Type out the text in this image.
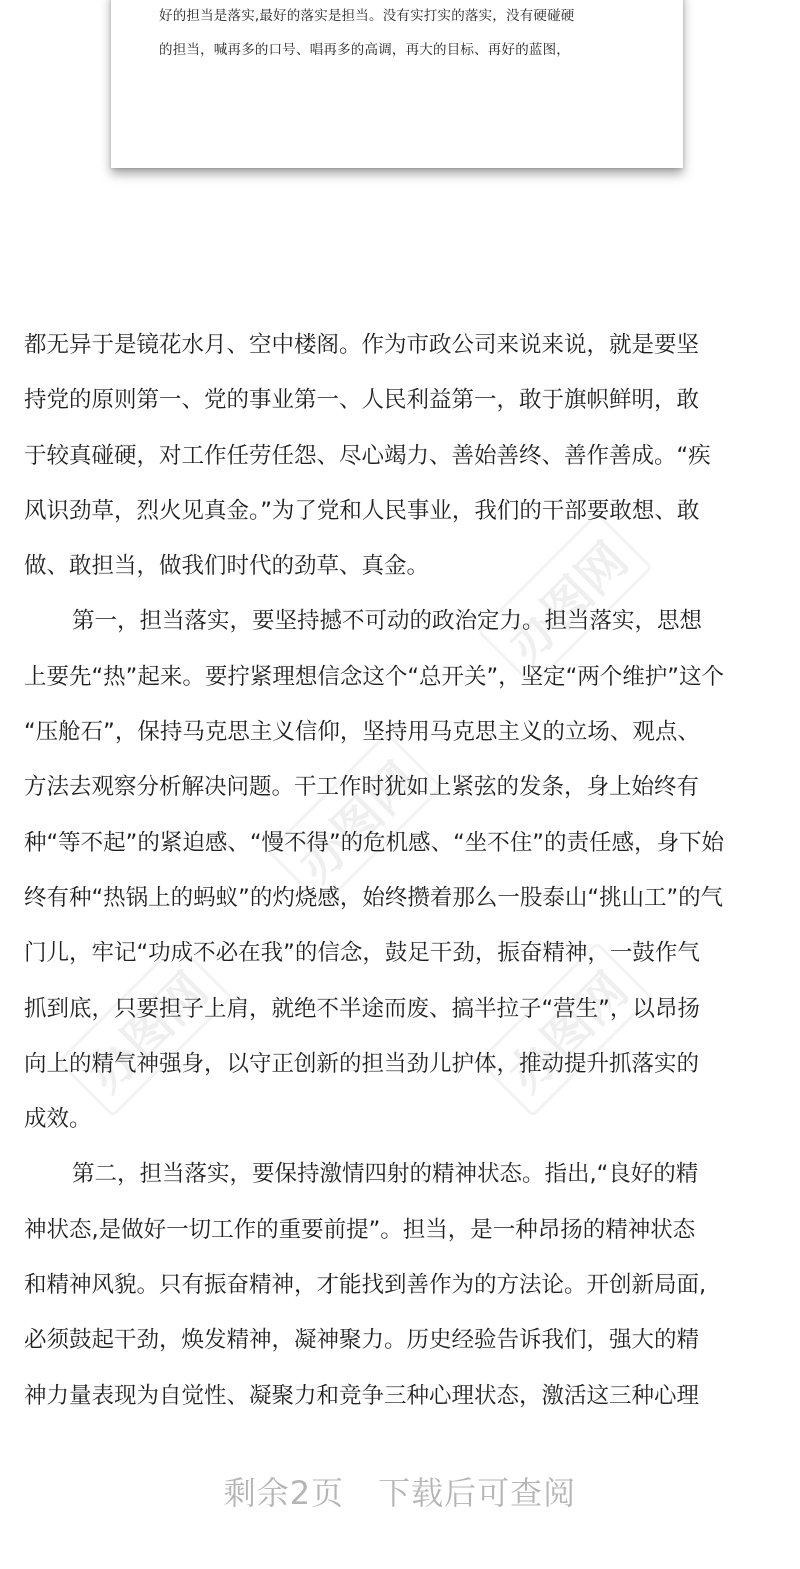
好的担当是落实,最好的落实是担当。没有实打实的落实，没有硬碰硬
的担当，喊再多的口号、唱再多的高调，再大的目标、再好的蓝图，
办图网
办图网
办图网
办图网
都无异于是镜花水月、空中楼阁。作为市政公司来说来说，就是要坚
持党的原则第一、党的事业第一、人民利益第一，敢于旗帜鲜明，敢
于较真碰硬，对工作任劳任怨、尽心竭力、善始善终、善作善成。“疾
风识劲草，烈火见真金。”为了党和人民事业，我们的干部要敢想、敢
做、敢担当，做我们时代的劲草、真金。
第一，担当落实，要坚持撼不可动的政治定力。担当落实，思想
上要先“热”起来。要拧紧理想信念这个“总开关”，坚定“两个维护”这个
“压舱石”，保持马克思主义信仰，坚持用马克思主义的立场、观点、
方法去观察分析解决问题。干工作时犹如上紧弦的发条，身上始终有
种“等不起”的紧迫感、“慢不得”的危机感、“坐不住”的责任感，身下始
终有种“热锅上的蚂蚁”的灼烧感，始终攒着那么一股泰山“挑山工”的气
门儿，牢记“功成不必在我”的信念，鼓足干劲，振奋精神，一鼓作气
抓到底，只要担子上肩，就绝不半途而废、搞半拉子“营生”，以昂扬
向上的精气神强身，以守正创新的担当劲儿护体，推动提升抓落实的
成效。
第二，担当落实，要保持激情四射的精神状态。指出,“良好的精
神状态,是做好一切工作的重要前提”。担当，是一种昂扬的精神状态
和精神风貌。只有振奋精神，才能找到善作为的方法论。开创新局面,
必须鼓起干劲，焕发精神，凝神聚力。历史经验告诉我们，强大的精
神力量表现为自觉性、凝聚力和竞争三种心理状态，激活这三种心理
剩余2页 下载后可查阅
